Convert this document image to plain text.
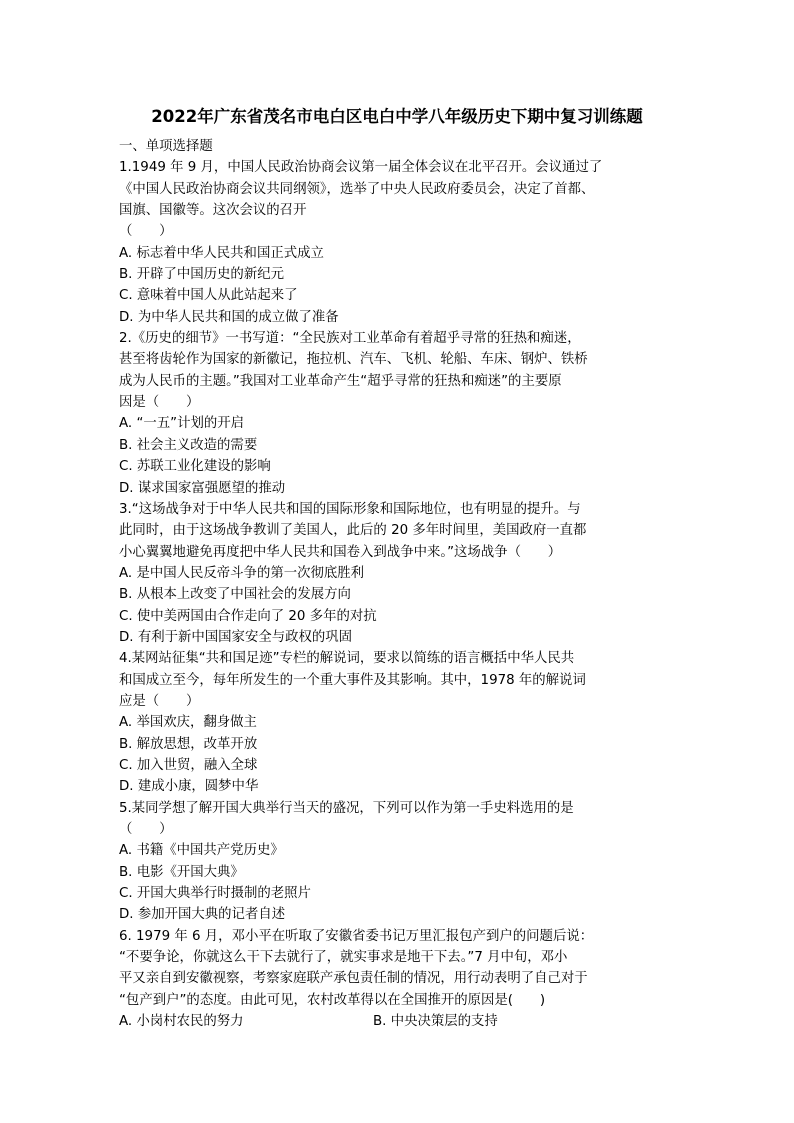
2022年广东省茂名市电白区电白中学八年级历史下期中复习训练题

一、单项选择题

1.1949 年 9 月，中国人民政治协商会议第一届全体会议在北平召开。会议通过了

《中国人民政治协商会议共同纲领》，选举了中央人民政府委员会，决定了首都、

国旗、国徽等。这次会议的召开

（　　）

A. 标志着中华人民共和国正式成立

B. 开辟了中国历史的新纪元

C. 意味着中国人从此站起来了

D. 为中华人民共和国的成立做了准备

2.《历史的细节》一书写道：“全民族对工业革命有着超乎寻常的狂热和痴迷，

甚至将齿轮作为国家的新徽记，拖拉机、汽车、飞机、轮船、车床、钢炉、铁桥

成为人民币的主题。”我国对工业革命产生“超乎寻常的狂热和痴迷”的主要原

因是（　　）

A. “一五”计划的开启

B. 社会主义改造的需要

C. 苏联工业化建设的影响

D. 谋求国家富强愿望的推动

3.“这场战争对于中华人民共和国的国际形象和国际地位，也有明显的提升。与

此同时，由于这场战争教训了美国人，此后的 20 多年时间里，美国政府一直都

小心翼翼地避免再度把中华人民共和国卷入到战争中来。”这场战争（　　）

A. 是中国人民反帝斗争的第一次彻底胜利

B. 从根本上改变了中国社会的发展方向

C. 使中美两国由合作走向了 20 多年的对抗

D. 有利于新中国国家安全与政权的巩固

4.某网站征集“共和国足迹”专栏的解说词，要求以简练的语言概括中华人民共

和国成立至今，每年所发生的一个重大事件及其影响。其中，1978 年的解说词

应是（　　）

A. 举国欢庆，翻身做主

B. 解放思想，改革开放

C. 加入世贸，融入全球

D. 建成小康，圆梦中华

5.某同学想了解开国大典举行当天的盛况，下列可以作为第一手史料选用的是

（　　）

A. 书籍《中国共产党历史》

B. 电影《开国大典》

C. 开国大典举行时摄制的老照片

D. 参加开国大典的记者自述

6. 1979 年 6 月，邓小平在听取了安徽省委书记万里汇报包产到户的问题后说：

“不要争论，你就这么干下去就行了，就实事求是地干下去。”7 月中旬，邓小

平又亲自到安徽视察，考察家庭联产承包责任制的情况，用行动表明了自己对于

“包产到户”的态度。由此可见，农村改革得以在全国推开的原因是(　　)

A. 小岗村农民的努力	B. 中央决策层的支持
